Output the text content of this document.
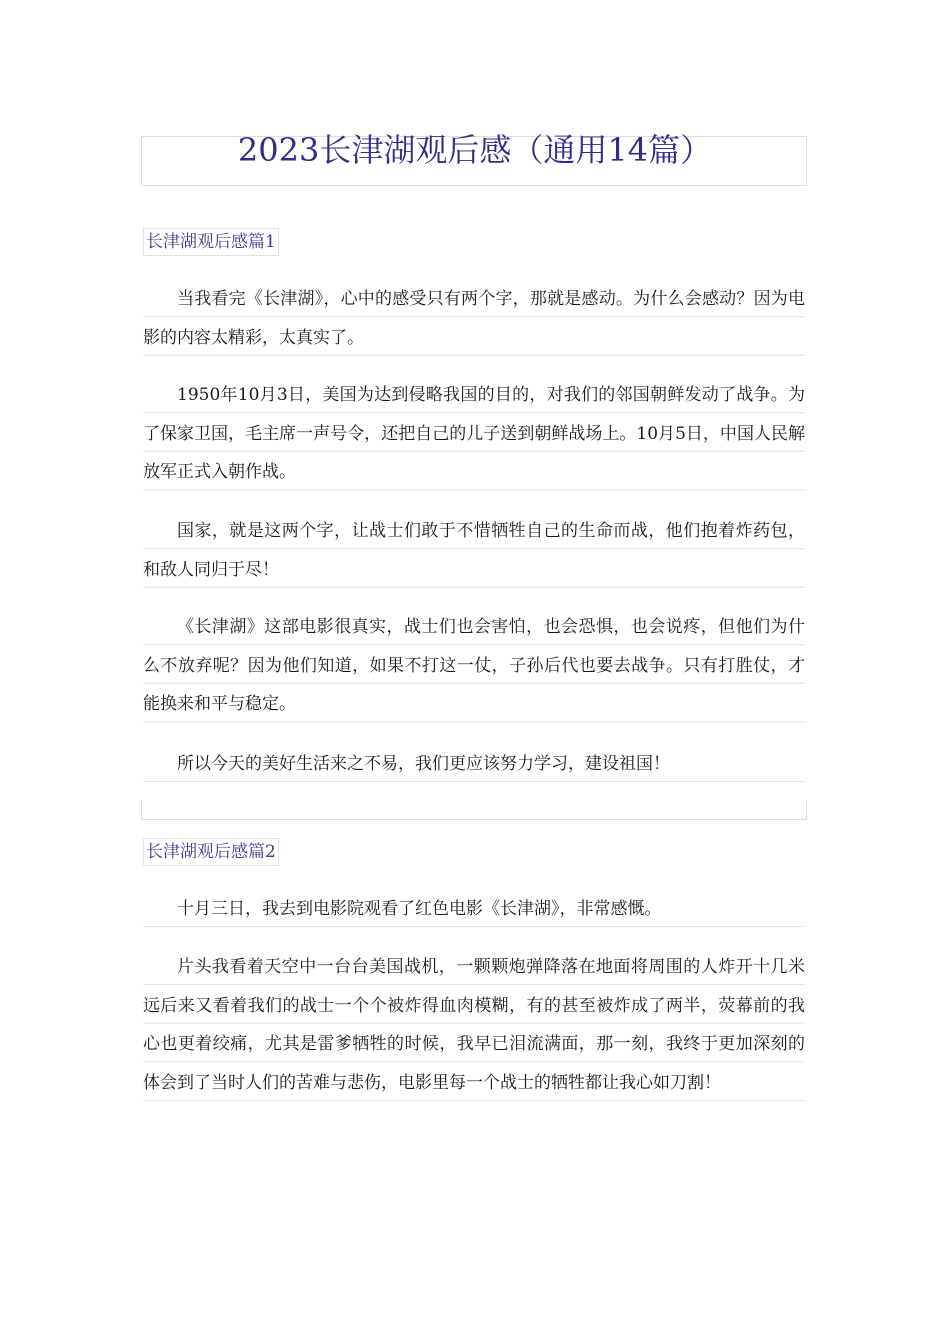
2023长津湖观后感（通用14篇）
长津湖观后感篇1

当我看完《长津湖》，心中的感受只有两个字，那就是感动。为什么会感动？因为电影的内容太精彩，太真实了。

1950年10月3日，美国为达到侵略我国的目的，对我们的邻国朝鲜发动了战争。为了保家卫国，毛主席一声号令，还把自己的儿子送到朝鲜战场上。10月5日，中国人民解放军正式入朝作战。

国家，就是这两个字，让战士们敢于不惜牺牲自己的生命而战，他们抱着炸药包，和敌人同归于尽！

《长津湖》这部电影很真实，战士们也会害怕，也会恐惧，也会说疼，但他们为什么不放弃呢？因为他们知道，如果不打这一仗，子孙后代也要去战争。只有打胜仗，才能换来和平与稳定。

所以今天的美好生活来之不易，我们更应该努力学习，建设祖国！

长津湖观后感篇2

十月三日，我去到电影院观看了红色电影《长津湖》，非常感慨。

片头我看着天空中一台台美国战机，一颗颗炮弹降落在地面将周围的人炸开十几米远后来又看着我们的战士一个个被炸得血肉模糊，有的甚至被炸成了两半，荧幕前的我心也更着绞痛，尤其是雷爹牺牲的时候，我早已泪流满面，那一刻，我终于更加深刻的体会到了当时人们的苦难与悲伤，电影里每一个战士的牺牲都让我心如刀割！
